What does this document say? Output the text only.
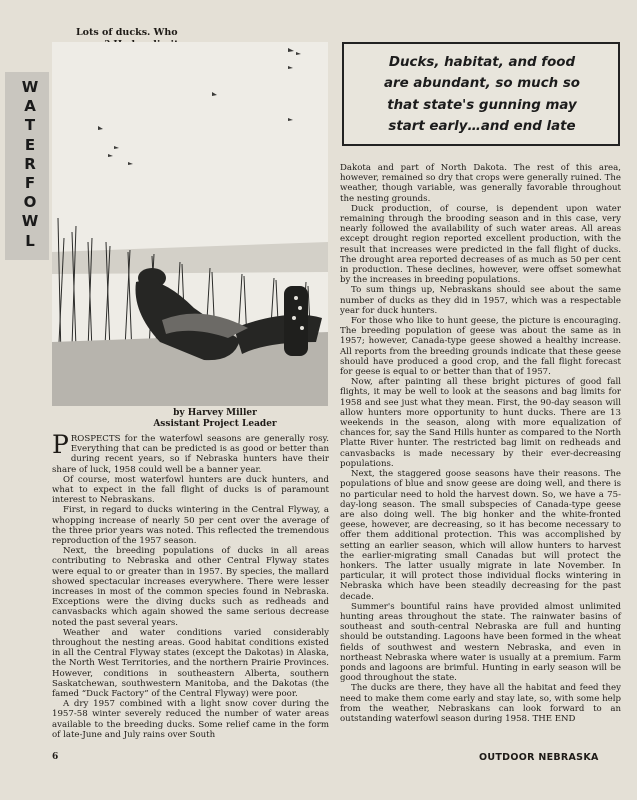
Lots of ducks. Who
W
A
T
E
R
F
O
W
L
Ducks, habitat, and food
are abundant, so much so
that state's gunning may
start early…and end late
by Harvey Miller
Assistant Project Leader

PROSPECTS for the waterfowl seasons are generally rosy. Everything that can be predicted is as good or better than during recent years, so if Nebraska hunters have their share of luck, 1958 could well be a banner year.

Of course, most waterfowl hunters are duck hunters, and what to expect in the fall flight of ducks is of paramount interest to Nebraskans.

First, in regard to ducks wintering in the Central Flyway, a whopping increase of nearly 50 per cent over the average of the three prior years was noted. This reflected the tremendous reproduction of the 1957 season.

Next, the breeding populations of ducks in all areas contributing to Nebraska and other Central Flyway states were equal to or greater than in 1957. By species, the mallard showed spectacular increases everywhere. There were lesser increases in most of the common species found in Nebraska. Exceptions were the diving ducks such as redheads and canvasbacks which again showed the same serious decrease noted the past several years.

Weather and water conditions varied considerably throughout the nesting areas. Good habitat conditions existed in all the Central Flyway states (except the Dakotas) in Alaska, the North West Territories, and the northern Prairie Provinces. However, conditions in southeastern Alberta, southern Saskatchewan, southwestern Manitoba, and the Dakotas (the famed “Duck Factory” of the Central Flyway) were poor.

A dry 1957 combined with a light snow cover during the 1957-58 winter severely reduced the number of water areas available to the breeding ducks. Some relief came in the form of late-June and July rains over South

Dakota and part of North Dakota. The rest of this area, however, remained so dry that crops were generally ruined. The weather, though variable, was generally favorable throughout the nesting grounds.

Duck production, of course, is dependent upon water remaining through the brooding season and in this case, very nearly followed the availability of such water areas. All areas except drought region reported excellent production, with the result that increases were predicted in the fall flight of ducks. The drought area reported decreases of as much as 50 per cent in production. These declines, however, were offset somewhat by the increases in breeding populations.

To sum things up, Nebraskans should see about the same number of ducks as they did in 1957, which was a respectable year for duck hunters.

For those who like to hunt geese, the picture is encouraging. The breeding population of geese was about the same as in 1957; however, Canada-type geese showed a healthy increase. All reports from the breeding grounds indicate that these geese should have produced a good crop, and the fall flight forecast for geese is equal to or better than that of 1957.

Now, after painting all these bright pictures of good fall flights, it may be well to look at the seasons and bag limits for 1958 and see just what they mean. First, the 90-day season will allow hunters more opportunity to hunt ducks. There are 13 weekends in the season, along with more equalization of chances for, say the Sand Hills hunter as compared to the North Platte River hunter. The restricted bag limit on redheads and canvasbacks is made necessary by their ever-decreasing populations.

Next, the staggered goose seasons have their reasons. The populations of blue and snow geese are doing well, and there is no particular need to hold the harvest down. So, we have a 75-day-long season. The small subspecies of Canada-type geese are also doing well. The big honker and the white-fronted geese, however, are decreasing, so it has become necessary to offer them additional protection. This was accomplished by setting an earlier season, which will allow hunters to harvest the earlier-migrating small Canadas but will protect the honkers. The latter usually migrate in late November. In particular, it will protect those individual flocks wintering in Nebraska which have been steadily decreasing for the past decade.

Summer's bountiful rains have provided almost unlimited hunting areas throughout the state. The rainwater basins of southeast and south-central Nebraska are full and hunting should be outstanding. Lagoons have been formed in the wheat fields of southwest and western Nebraska, and even in northeast Nebraska where water is usually at a premium. Farm ponds and lagoons are brimful. Hunting in early season will be good throughout the state.

The ducks are there, they have all the habitat and feed they need to make them come early and stay late, so, with some help from the weather, Nebraskans can look forward to an outstanding waterfowl season during 1958. THE END

6	OUTDOOR NEBRASKA
